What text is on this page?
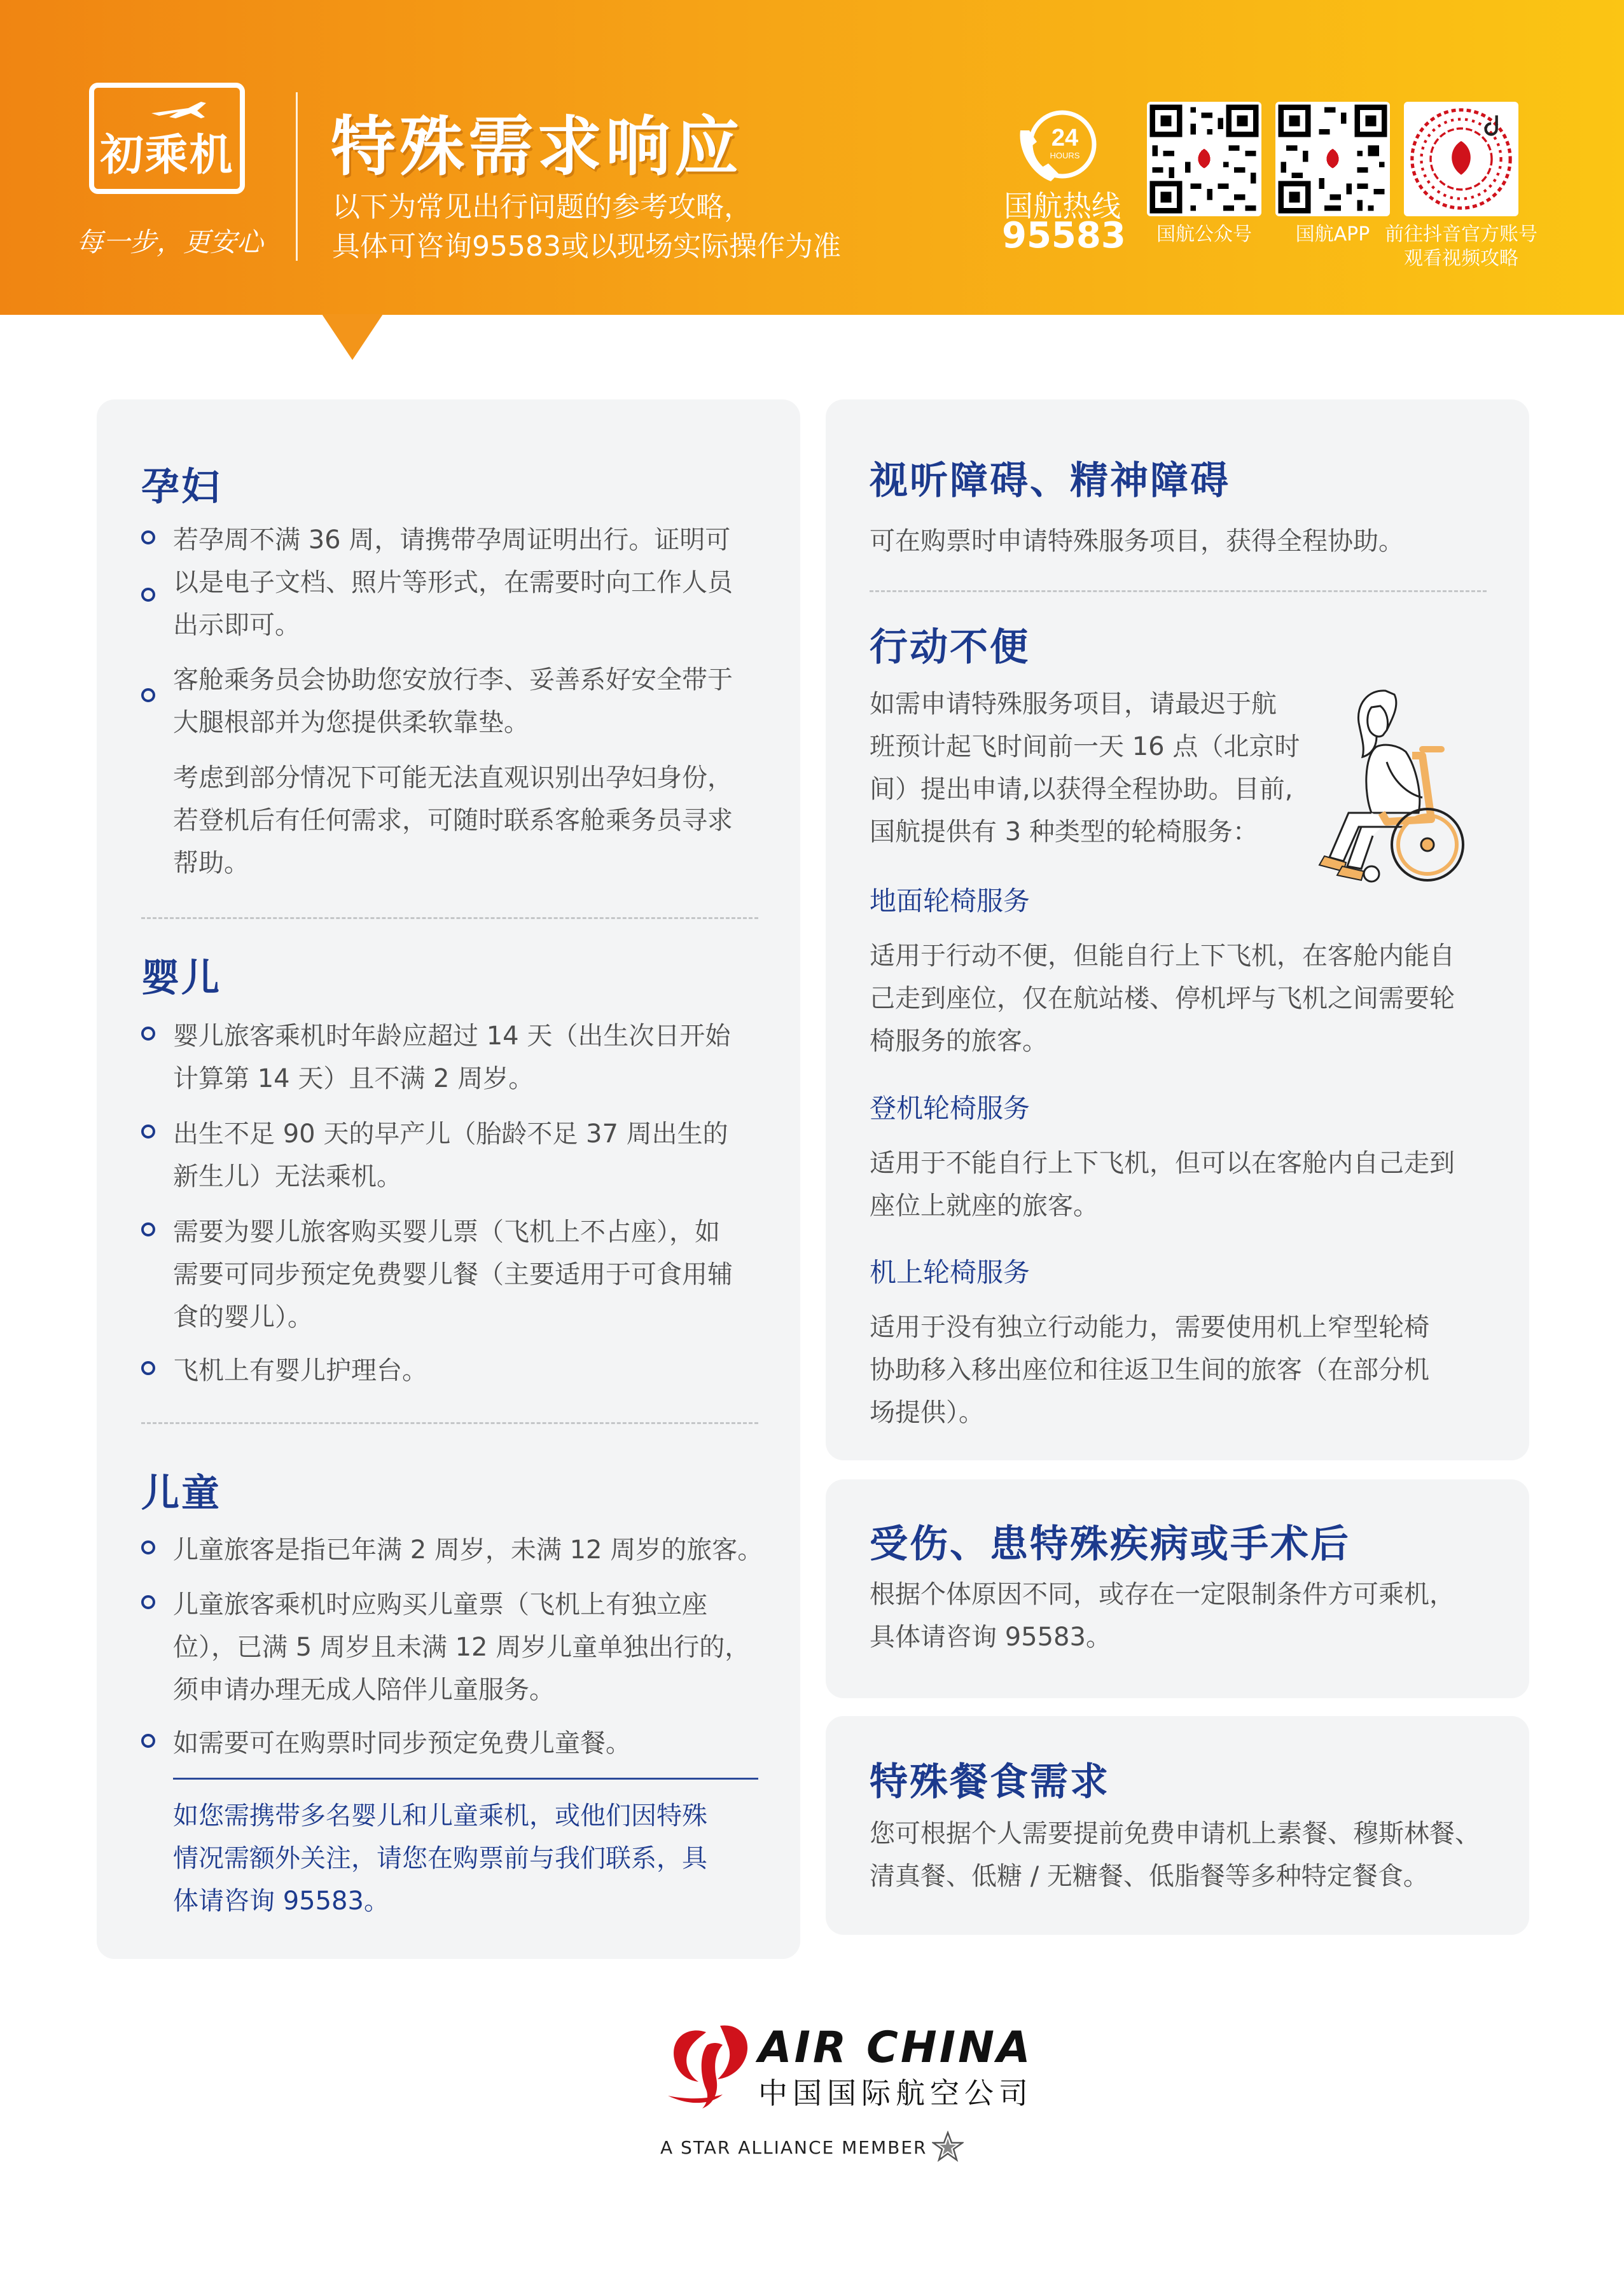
初乘机
每一步，更安心
特殊需求响应
以下为常见出行问题的参考攻略，
具体可咨询95583或以现场实际操作为准
24
HOURS
国航热线
95583	国航公众号	国航APP 前往抖音官方账号
观看视频攻略
孕妇
若孕周不满 36 周，请携带孕周证明出行。证明可
以是电子文档、照片等形式，在需要时向工作人员
出示即可。
客舱乘务员会协助您安放行李、妥善系好安全带于
大腿根部并为您提供柔软靠垫。
考虑到部分情况下可能无法直观识别出孕妇身份，
若登机后有任何需求，可随时联系客舱乘务员寻求
帮助。
婴儿
婴儿旅客乘机时年龄应超过 14 天（出生次日开始
计算第 14 天）且不满 2 周岁。
出生不足 90 天的早产儿（胎龄不足 37 周出生的
新生儿）无法乘机。
需要为婴儿旅客购买婴儿票（飞机上不占座），如
需要可同步预定免费婴儿餐（主要适用于可食用辅
食的婴儿）。
飞机上有婴儿护理台。
儿童
儿童旅客是指已年满 2 周岁，未满 12 周岁的旅客。
儿童旅客乘机时应购买儿童票（飞机上有独立座
位），已满 5 周岁且未满 12 周岁儿童单独出行的，
须申请办理无成人陪伴儿童服务。
如需要可在购票时同步预定免费儿童餐。
如您需携带多名婴儿和儿童乘机，或他们因特殊
情况需额外关注，请您在购票前与我们联系，具
体请咨询 95583。
视听障碍、精神障碍
可在购票时申请特殊服务项目，获得全程协助。
行动不便
如需申请特殊服务项目，请最迟于航
班预计起飞时间前一天 16 点（北京时
间）提出申请,以获得全程协助。目前,
国航提供有 3 种类型的轮椅服务：
地面轮椅服务
适用于行动不便，但能自行上下飞机，在客舱内能自
己走到座位，仅在航站楼、停机坪与飞机之间需要轮
椅服务的旅客。
登机轮椅服务
适用于不能自行上下飞机，但可以在客舱内自己走到
座位上就座的旅客。
机上轮椅服务
适用于没有独立行动能力，需要使用机上窄型轮椅
协助移入移出座位和往返卫生间的旅客（在部分机
场提供）。
受伤、患特殊疾病或手术后
根据个体原因不同，或存在一定限制条件方可乘机，
具体请咨询 95583。
特殊餐食需求
您可根据个人需要提前免费申请机上素餐、穆斯林餐、
清真餐、低糖 / 无糖餐、低脂餐等多种特定餐食。
AIR CHINA
中国国际航空公司
A STAR ALLIANCE MEMBER
